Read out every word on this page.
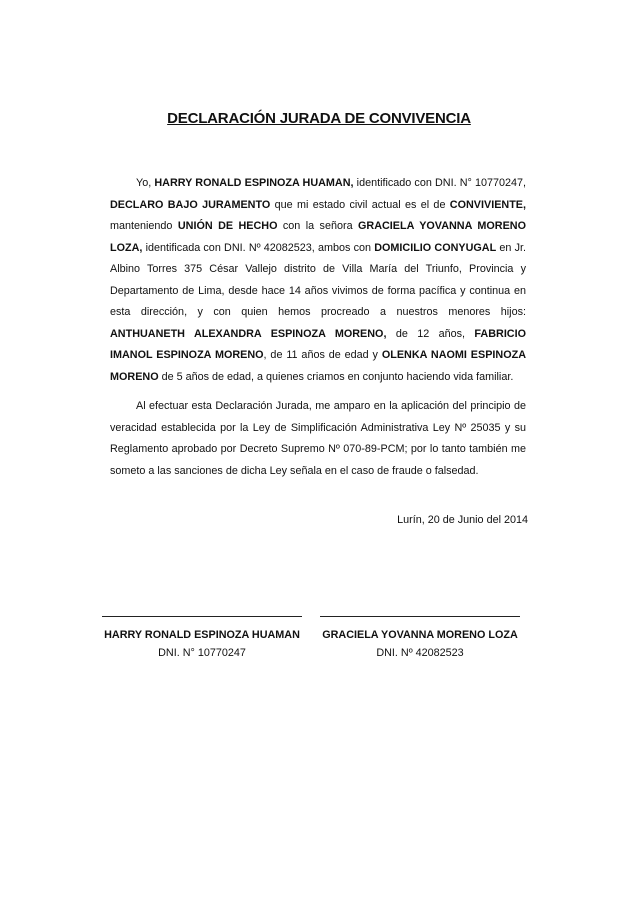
DECLARACIÓN JURADA DE CONVIVENCIA

Yo, HARRY RONALD ESPINOZA HUAMAN, identificado con DNI. N° 10770247, DECLARO BAJO JURAMENTO que mi estado civil actual es el de CONVIVIENTE, manteniendo UNIÓN DE HECHO con la señora GRACIELA YOVANNA MORENO LOZA, identificada con DNI. Nº 42082523, ambos con DOMICILIO CONYUGAL en Jr. Albino Torres 375 César Vallejo distrito de Villa María del Triunfo, Provincia y Departamento de Lima, desde hace 14 años vivimos de forma pacífica y continua en esta dirección, y con quien hemos procreado a nuestros menores hijos: ANTHUANETH ALEXANDRA ESPINOZA MORENO, de 12 años, FABRICIO IMANOL ESPINOZA MORENO, de 11 años de edad y OLENKA NAOMI ESPINOZA MORENO de 5 años de edad, a quienes criamos en conjunto haciendo vida familiar.

Al efectuar esta Declaración Jurada, me amparo en la aplicación del principio de veracidad establecida por la Ley de Simplificación Administrativa Ley Nº 25035 y su Reglamento aprobado por Decreto Supremo Nº 070-89-PCM; por lo tanto también me someto a las sanciones de dicha Ley señala en el caso de fraude o falsedad.

Lurín, 20 de Junio del 2014
HARRY RONALD ESPINOZA HUAMAN
DNI. N° 10770247
GRACIELA YOVANNA MORENO LOZA
DNI. Nº 42082523
